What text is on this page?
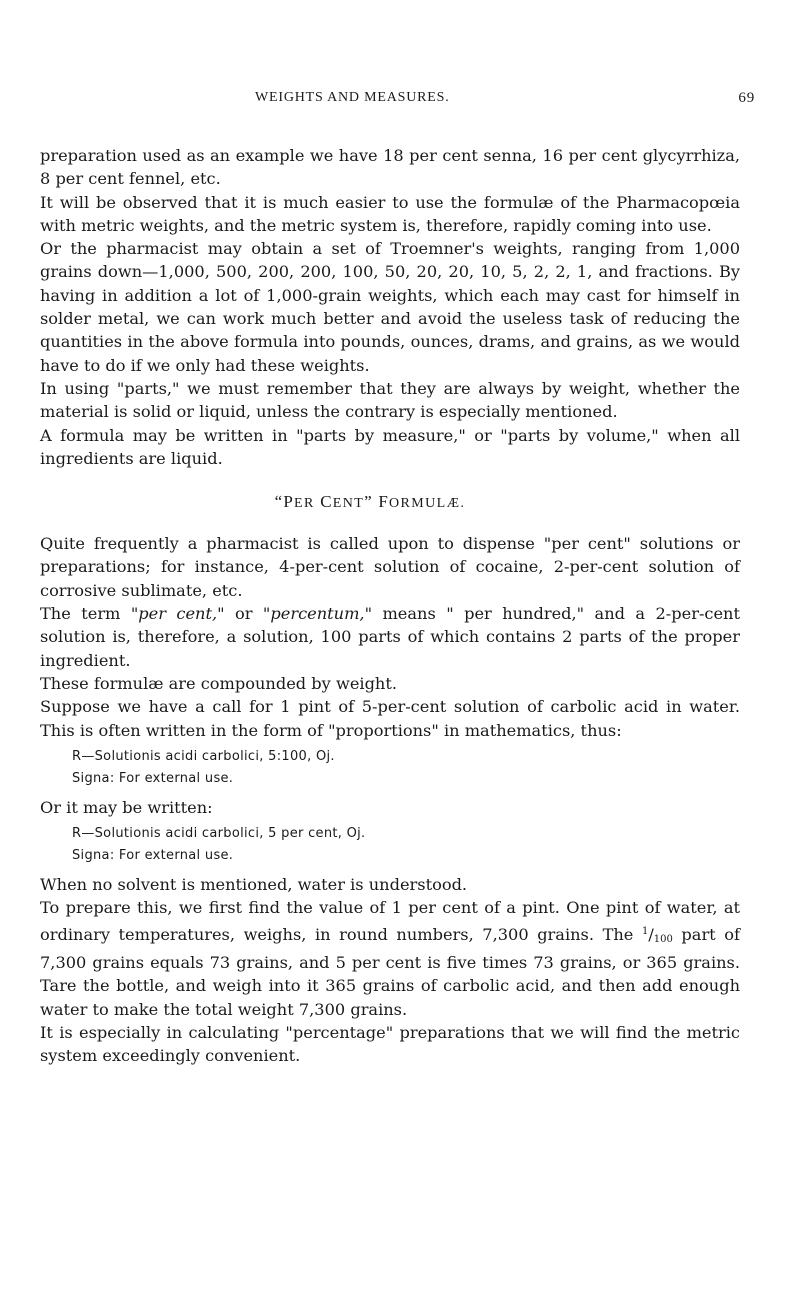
WEIGHTS AND MEASURES.	69

preparation used as an example we have 18 per cent senna, 16 per cent glycyrrhiza, 8 per cent fennel, etc.

It will be observed that it is much easier to use the formulæ of the Pharmacopœia with metric weights, and the metric system is, therefore, rapidly coming into use.

Or the pharmacist may obtain a set of Troemner's weights, ranging from 1,000 grains down—1,000, 500, 200, 200, 100, 50, 20, 20, 10, 5, 2, 2, 1, and fractions. By having in addition a lot of 1,000-grain weights, which each may cast for himself in solder metal, we can work much better and avoid the useless task of reducing the quantities in the above formula into pounds, ounces, drams, and grains, as we would have to do if we only had these weights.

In using "parts," we must remember that they are always by weight, whether the material is solid or liquid, unless the contrary is especially mentioned.

A formula may be written in "parts by measure," or "parts by volume," when all ingredients are liquid.

“PER CENT” FORMULÆ.

Quite frequently a pharmacist is called upon to dispense "per cent" solutions or preparations; for instance, 4-per-cent solution of cocaine, 2-per-cent solution of corrosive sublimate, etc.

The term "per cent," or "percentum," means " per hundred," and a 2-per-cent solution is, therefore, a solution, 100 parts of which contains 2 parts of the proper ingredient.

These formulæ are compounded by weight.

Suppose we have a call for 1 pint of 5-per-cent solution of carbolic acid in water. This is often written in the form of "proportions" in mathematics, thus:

R—Solutionis acidi carbolici, 5:100, Oj.
Signa: For external use.

Or it may be written:

R—Solutionis acidi carbolici, 5 per cent, Oj.
Signa: For external use.

When no solvent is mentioned, water is understood.

To prepare this, we first find the value of 1 per cent of a pint. One pint of water, at ordinary temperatures, weighs, in round numbers, 7,300 grains. The $^1/_{100}$ part of 7,300 grains equals 73 grains, and 5 per cent is five times 73 grains, or 365 grains. Tare the bottle, and weigh into it 365 grains of carbolic acid, and then add enough water to make the total weight 7,300 grains.

It is especially in calculating "percentage" preparations that we will find the metric system exceedingly convenient.
